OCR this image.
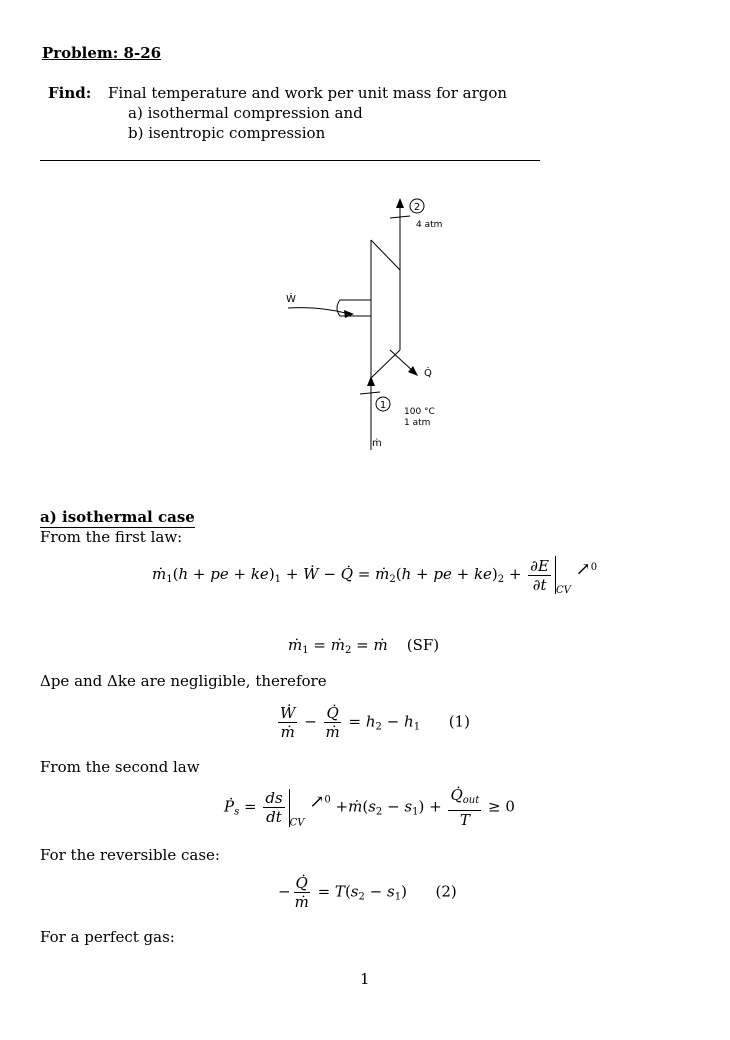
Problem: 8-26
Find: Final temperature and work per unit mass for argon
a) isothermal compression and
b) isentropic compression
2
1
4 atm
100 °C
1 atm
Ẇ
Q̇
ṁ
a) isothermal case
From the first law:
ṁ$_1$(h + pe + $ke)_1$ + Ẇ − Q̇ = ṁ$_2$(h + pe + $ke)_2 + \frac{\partial E}{\partial t} _{CV}$ ↗$^0$
ṁ$_1$ = ṁ$_2$ = ṁ (SF)
Δpe and Δke are negligible, therefore
$\frac{\text{Ẇ}}{\text{ṁ}} - \frac{Q̇}{\text{ṁ}} = h_2 - h_1$ (1)
From the second law
Ṗ$_s$ = $\frac{ds}{dt} _{CV}$ ↗$^0$ $+ṁ(s_2 - s_1) + \frac{Q̇_{out}}{T} \ge 0$
For the reversible case:
− $\frac{Q̇}{\text{ṁ}} = T(s_2 - s_1)$      (2)
For a perfect gas:
1
